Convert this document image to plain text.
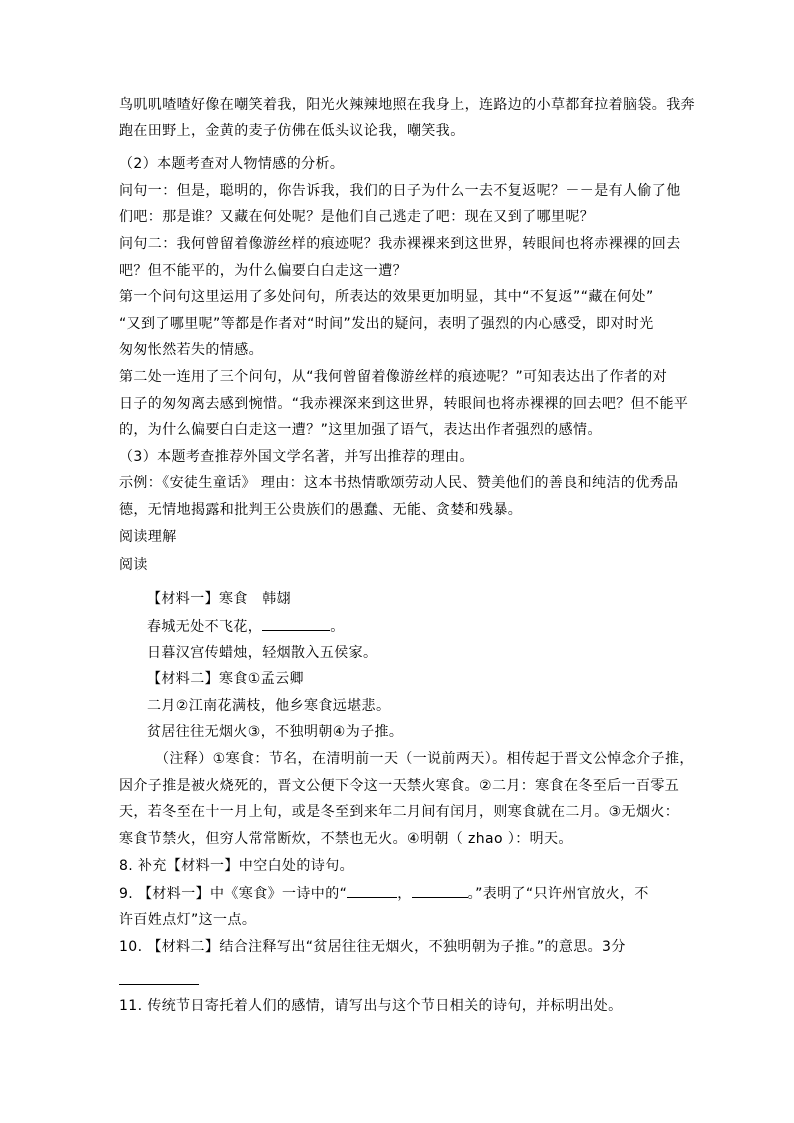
鸟叽叽喳喳好像在嘲笑着我，阳光火辣辣地照在我身上，连路边的小草都耷拉着脑袋。我奔
跑在田野上，金黄的麦子仿佛在低头议论我，嘲笑我。
（2）本题考查对人物情感的分析。
问句一：但是，聪明的，你告诉我，我们的日子为什么一去不复返呢？－－是有人偷了他
们吧：那是谁？又藏在何处呢？是他们自己逃走了吧：现在又到了哪里呢？
问句二：我何曾留着像游丝样的痕迹呢？我赤裸裸来到这世界，转眼间也将赤裸裸的回去
吧？但不能平的，为什么偏要白白走这一遭？
第一个问句这里运用了多处问句，所表达的效果更加明显，其中“不复返”“藏在何处”
“又到了哪里呢”等都是作者对“时间”发出的疑问，表明了强烈的内心感受，即对时光
匆匆怅然若失的情感。
第二处一连用了三个问句，从“我何曾留着像游丝样的痕迹呢？”可知表达出了作者的对
日子的匆匆离去感到惋惜。“我赤裸深来到这世界，转眼间也将赤裸裸的回去吧？但不能平
的，为什么偏要白白走这一遭？”这里加强了语气，表达出作者强烈的感情。
（3）本题考查推荐外国文学名著，并写出推荐的理由。
示例：《安徒生童话》 理由：这本书热情歌颂劳动人民、赞美他们的善良和纯洁的优秀品
德，无情地揭露和批判王公贵族们的愚蠢、无能、贪婪和残暴。
阅读理解
阅读
【材料一】寒食　韩翃
春城无处不飞花，	。
日暮汉宫传蜡烛，轻烟散入五侯家。
【材料二】寒食①孟云卿
二月②江南花满枝，他乡寒食远堪悲。
贫居往往无烟火③，不独明朝④为子推。
（注释）①寒食：节名，在清明前一天（一说前两天）。相传起于晋文公悼念介子推，
因介子推是被火烧死的，晋文公便下令这一天禁火寒食。②二月：寒食在冬至后一百零五
天，若冬至在十一月上旬，或是冬至到来年二月间有闰月，则寒食就在二月。③无烟火：
寒食节禁火，但穷人常常断炊，不禁也无火。④明朝（ zhao ）：明天。
8. 补充【材料一】中空白处的诗句。
9. 【材料一】中《寒食》一诗中的“	，	。”表明了“只许州官放火，不
许百姓点灯”这一点。
10. 【材料二】结合注释写出“贫居往往无烟火，不独明朝为子推。”的意思。3分
11. 传统节日寄托着人们的感情，请写出与这个节日相关的诗句，并标明出处。
